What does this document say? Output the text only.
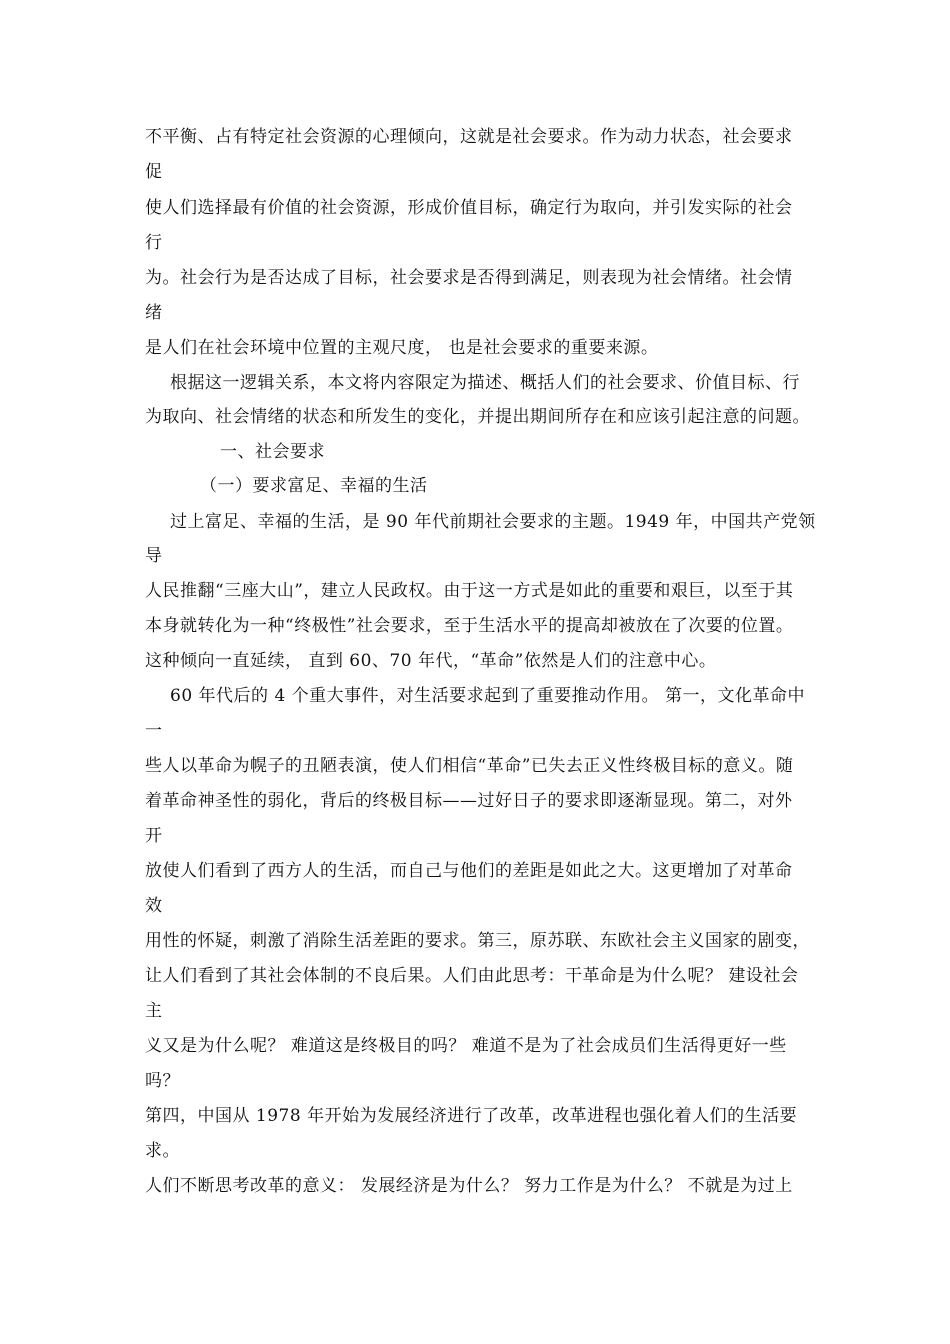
不平衡、占有特定社会资源的心理倾向，这就是社会要求。作为动力状态，社会要求
促
使人们选择最有价值的社会资源，形成价值目标，确定行为取向，并引发实际的社会
行
为。社会行为是否达成了目标，社会要求是否得到满足，则表现为社会情绪。社会情
绪
是人们在社会环境中位置的主观尺度， 也是社会要求的重要来源。
根据这一逻辑关系，本文将内容限定为描述、概括人们的社会要求、价值目标、行
为取向、社会情绪的状态和所发生的变化，并提出期间所存在和应该引起注意的问题。
一、社会要求
（一）要求富足、幸福的生活
过上富足、幸福的生活，是 90 年代前期社会要求的主题。1949 年，中国共产党领
导
人民推翻“三座大山”，建立人民政权。由于这一方式是如此的重要和艰巨，以至于其
本身就转化为一种“终极性”社会要求，至于生活水平的提高却被放在了次要的位置。
这种倾向一直延续， 直到 60、70 年代，“革命”依然是人们的注意中心。
60 年代后的 4 个重大事件，对生活要求起到了重要推动作用。 第一，文化革命中
一
些人以革命为幌子的丑陋表演，使人们相信“革命”已失去正义性终极目标的意义。随
着革命神圣性的弱化，背后的终极目标——过好日子的要求即逐渐显现。第二，对外
开
放使人们看到了西方人的生活，而自己与他们的差距是如此之大。这更增加了对革命
效
用性的怀疑，刺激了消除生活差距的要求。第三，原苏联、东欧社会主义国家的剧变，
让人们看到了其社会体制的不良后果。人们由此思考：干革命是为什么呢？ 建设社会
主
义又是为什么呢？ 难道这是终极目的吗？ 难道不是为了社会成员们生活得更好一些
吗？
第四，中国从 1978 年开始为发展经济进行了改革，改革进程也强化着人们的生活要
求。
人们不断思考改革的意义： 发展经济是为什么？ 努力工作是为什么？ 不就是为过上
